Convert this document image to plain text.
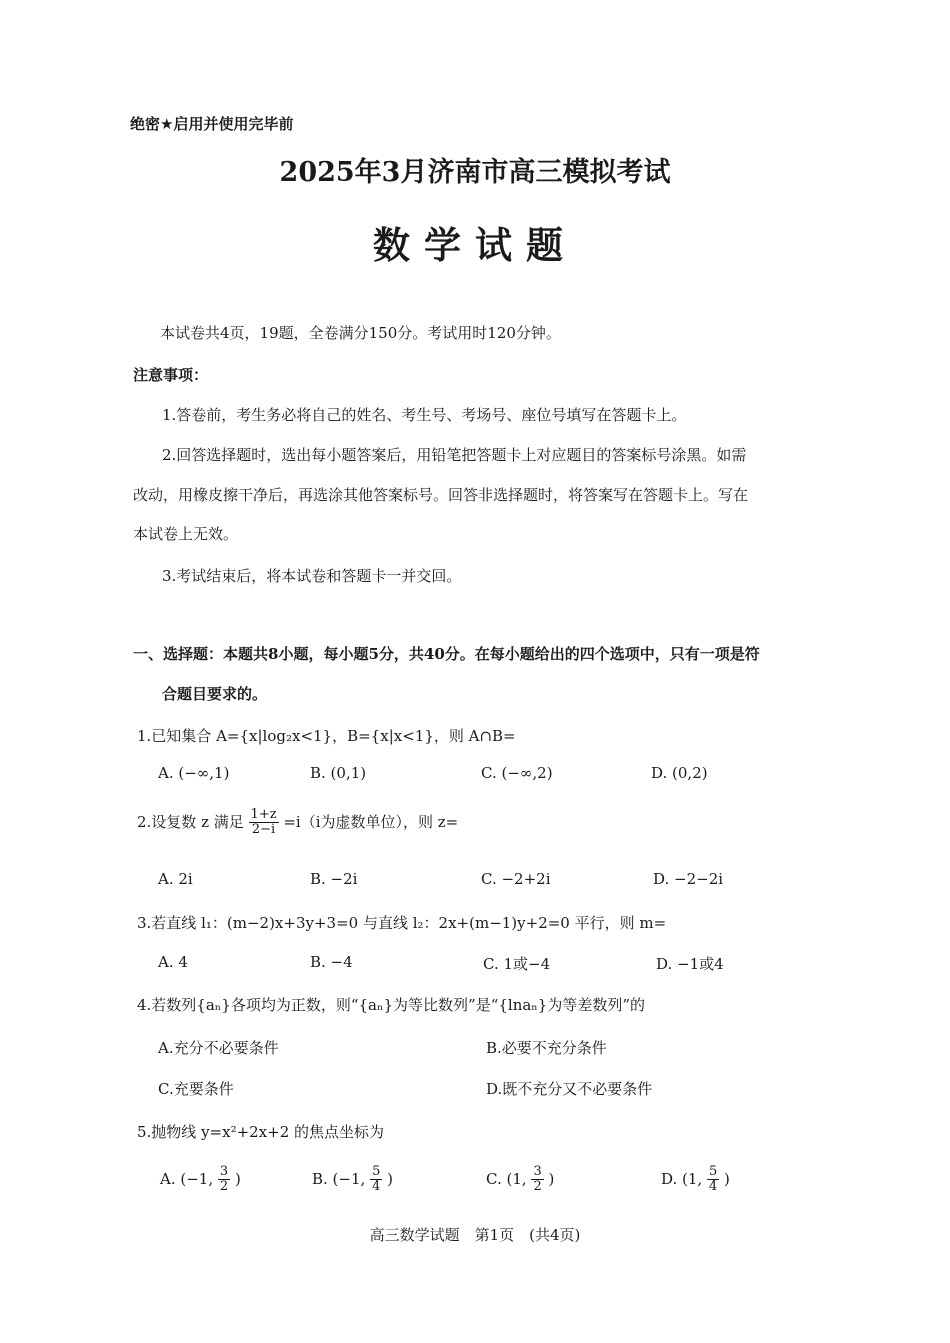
绝密★启用并使用完毕前
2025年3月济南市高三模拟考试
数学试题
本试卷共4页，19题，全卷满分150分。考试用时120分钟。
注意事项：
1.答卷前，考生务必将自己的姓名、考生号、考场号、座位号填写在答题卡上。
2.回答选择题时，选出每小题答案后，用铅笔把答题卡上对应题目的答案标号涂黑。如需
改动，用橡皮擦干净后，再选涂其他答案标号。回答非选择题时，将答案写在答题卡上。写在
本试卷上无效。
3.考试结束后，将本试卷和答题卡一并交回。
一、选择题：本题共8小题，每小题5分，共40分。在每小题给出的四个选项中，只有一项是符
合题目要求的。
1.已知集合 A={x|log₂x<1}，B={x|x<1}，则 A∩B=
A. (−∞,1)	B. (0,1)	C. (−∞,2)	D. (0,2)
2.设复数 z 满足 $\frac{1+z}{2-i} =i(i$为虚数单位），则 z=
A. 2i	B. −2i	C. −2+2i	D. −2−2i
3.若直线 l₁：(m−2)x+3y+3=0 与直线 l₂：2x+(m−1)y+2=0 平行，则 m=
A. 4	B. −4	C. 1或−4	D. −1或4
4.若数列{aₙ}各项均为正数，则“{aₙ}为等比数列”是“{lnaₙ}为等差数列”的
A.充分不必要条件	B.必要不充分条件
C.充要条件	D.既不充分又不必要条件
5.抛物线 y=x²+2x+2 的焦点坐标为
A. (−1, $\frac{3}{2}$ )	B. (−1, $\frac{5}{4}$ )	C. (1, $\frac{3}{2}$ )	D. (1, $\frac{5}{4}$ )
高三数学试题　第1页　(共4页)
